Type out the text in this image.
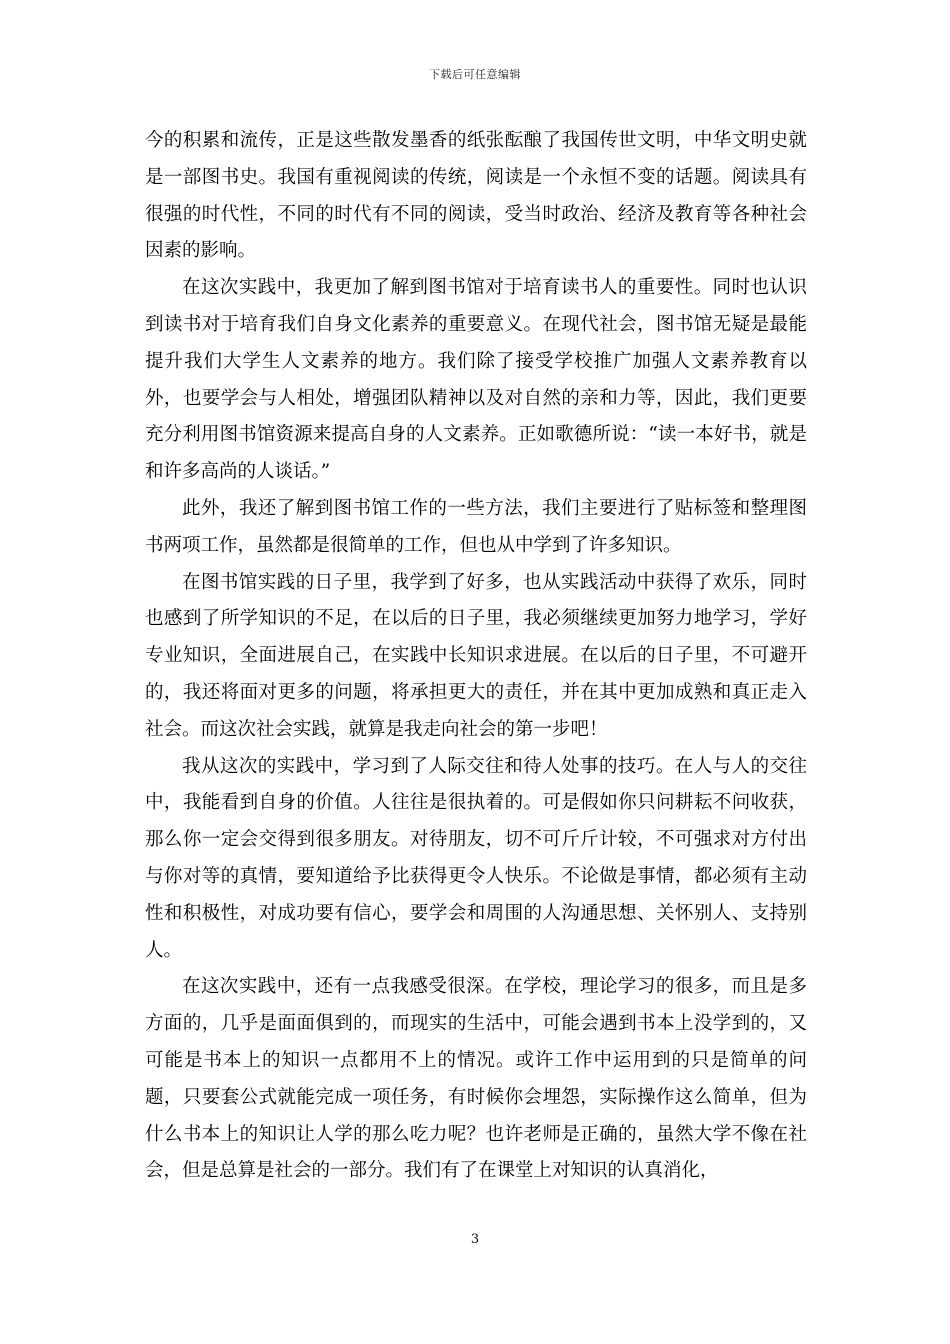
下载后可任意编辑

今的积累和流传，正是这些散发墨香的纸张酝酿了我国传世文明，中华文明史就是一部图书史。我国有重视阅读的传统，阅读是一个永恒不变的话题。阅读具有很强的时代性，不同的时代有不同的阅读，受当时政治、经济及教育等各种社会因素的影响。

在这次实践中，我更加了解到图书馆对于培育读书人的重要性。同时也认识到读书对于培育我们自身文化素养的重要意义。在现代社会，图书馆无疑是最能提升我们大学生人文素养的地方。我们除了接受学校推广加强人文素养教育以外，也要学会与人相处，增强团队精神以及对自然的亲和力等，因此，我们更要充分利用图书馆资源来提高自身的人文素养。正如歌德所说：“读一本好书，就是和许多高尚的人谈话。”

此外，我还了解到图书馆工作的一些方法，我们主要进行了贴标签和整理图书两项工作，虽然都是很简单的工作，但也从中学到了许多知识。

在图书馆实践的日子里，我学到了好多，也从实践活动中获得了欢乐，同时也感到了所学知识的不足，在以后的日子里，我必须继续更加努力地学习，学好专业知识，全面进展自己，在实践中长知识求进展。在以后的日子里，不可避开的，我还将面对更多的问题，将承担更大的责任，并在其中更加成熟和真正走入社会。而这次社会实践，就算是我走向社会的第一步吧！

我从这次的实践中，学习到了人际交往和待人处事的技巧。在人与人的交往中，我能看到自身的价值。人往往是很执着的。可是假如你只问耕耘不问收获，那么你一定会交得到很多朋友。对待朋友，切不可斤斤计较，不可强求对方付出与你对等的真情，要知道给予比获得更令人快乐。不论做是事情，都必须有主动性和积极性，对成功要有信心，要学会和周围的人沟通思想、关怀别人、支持别人。

在这次实践中，还有一点我感受很深。在学校，理论学习的很多，而且是多方面的，几乎是面面俱到的，而现实的生活中，可能会遇到书本上没学到的，又可能是书本上的知识一点都用不上的情况。或许工作中运用到的只是简单的问题，只要套公式就能完成一项任务，有时候你会埋怨，实际操作这么简单，但为什么书本上的知识让人学的那么吃力呢？也许老师是正确的，虽然大学不像在社会，但是总算是社会的一部分。我们有了在课堂上对知识的认真消化，

3
